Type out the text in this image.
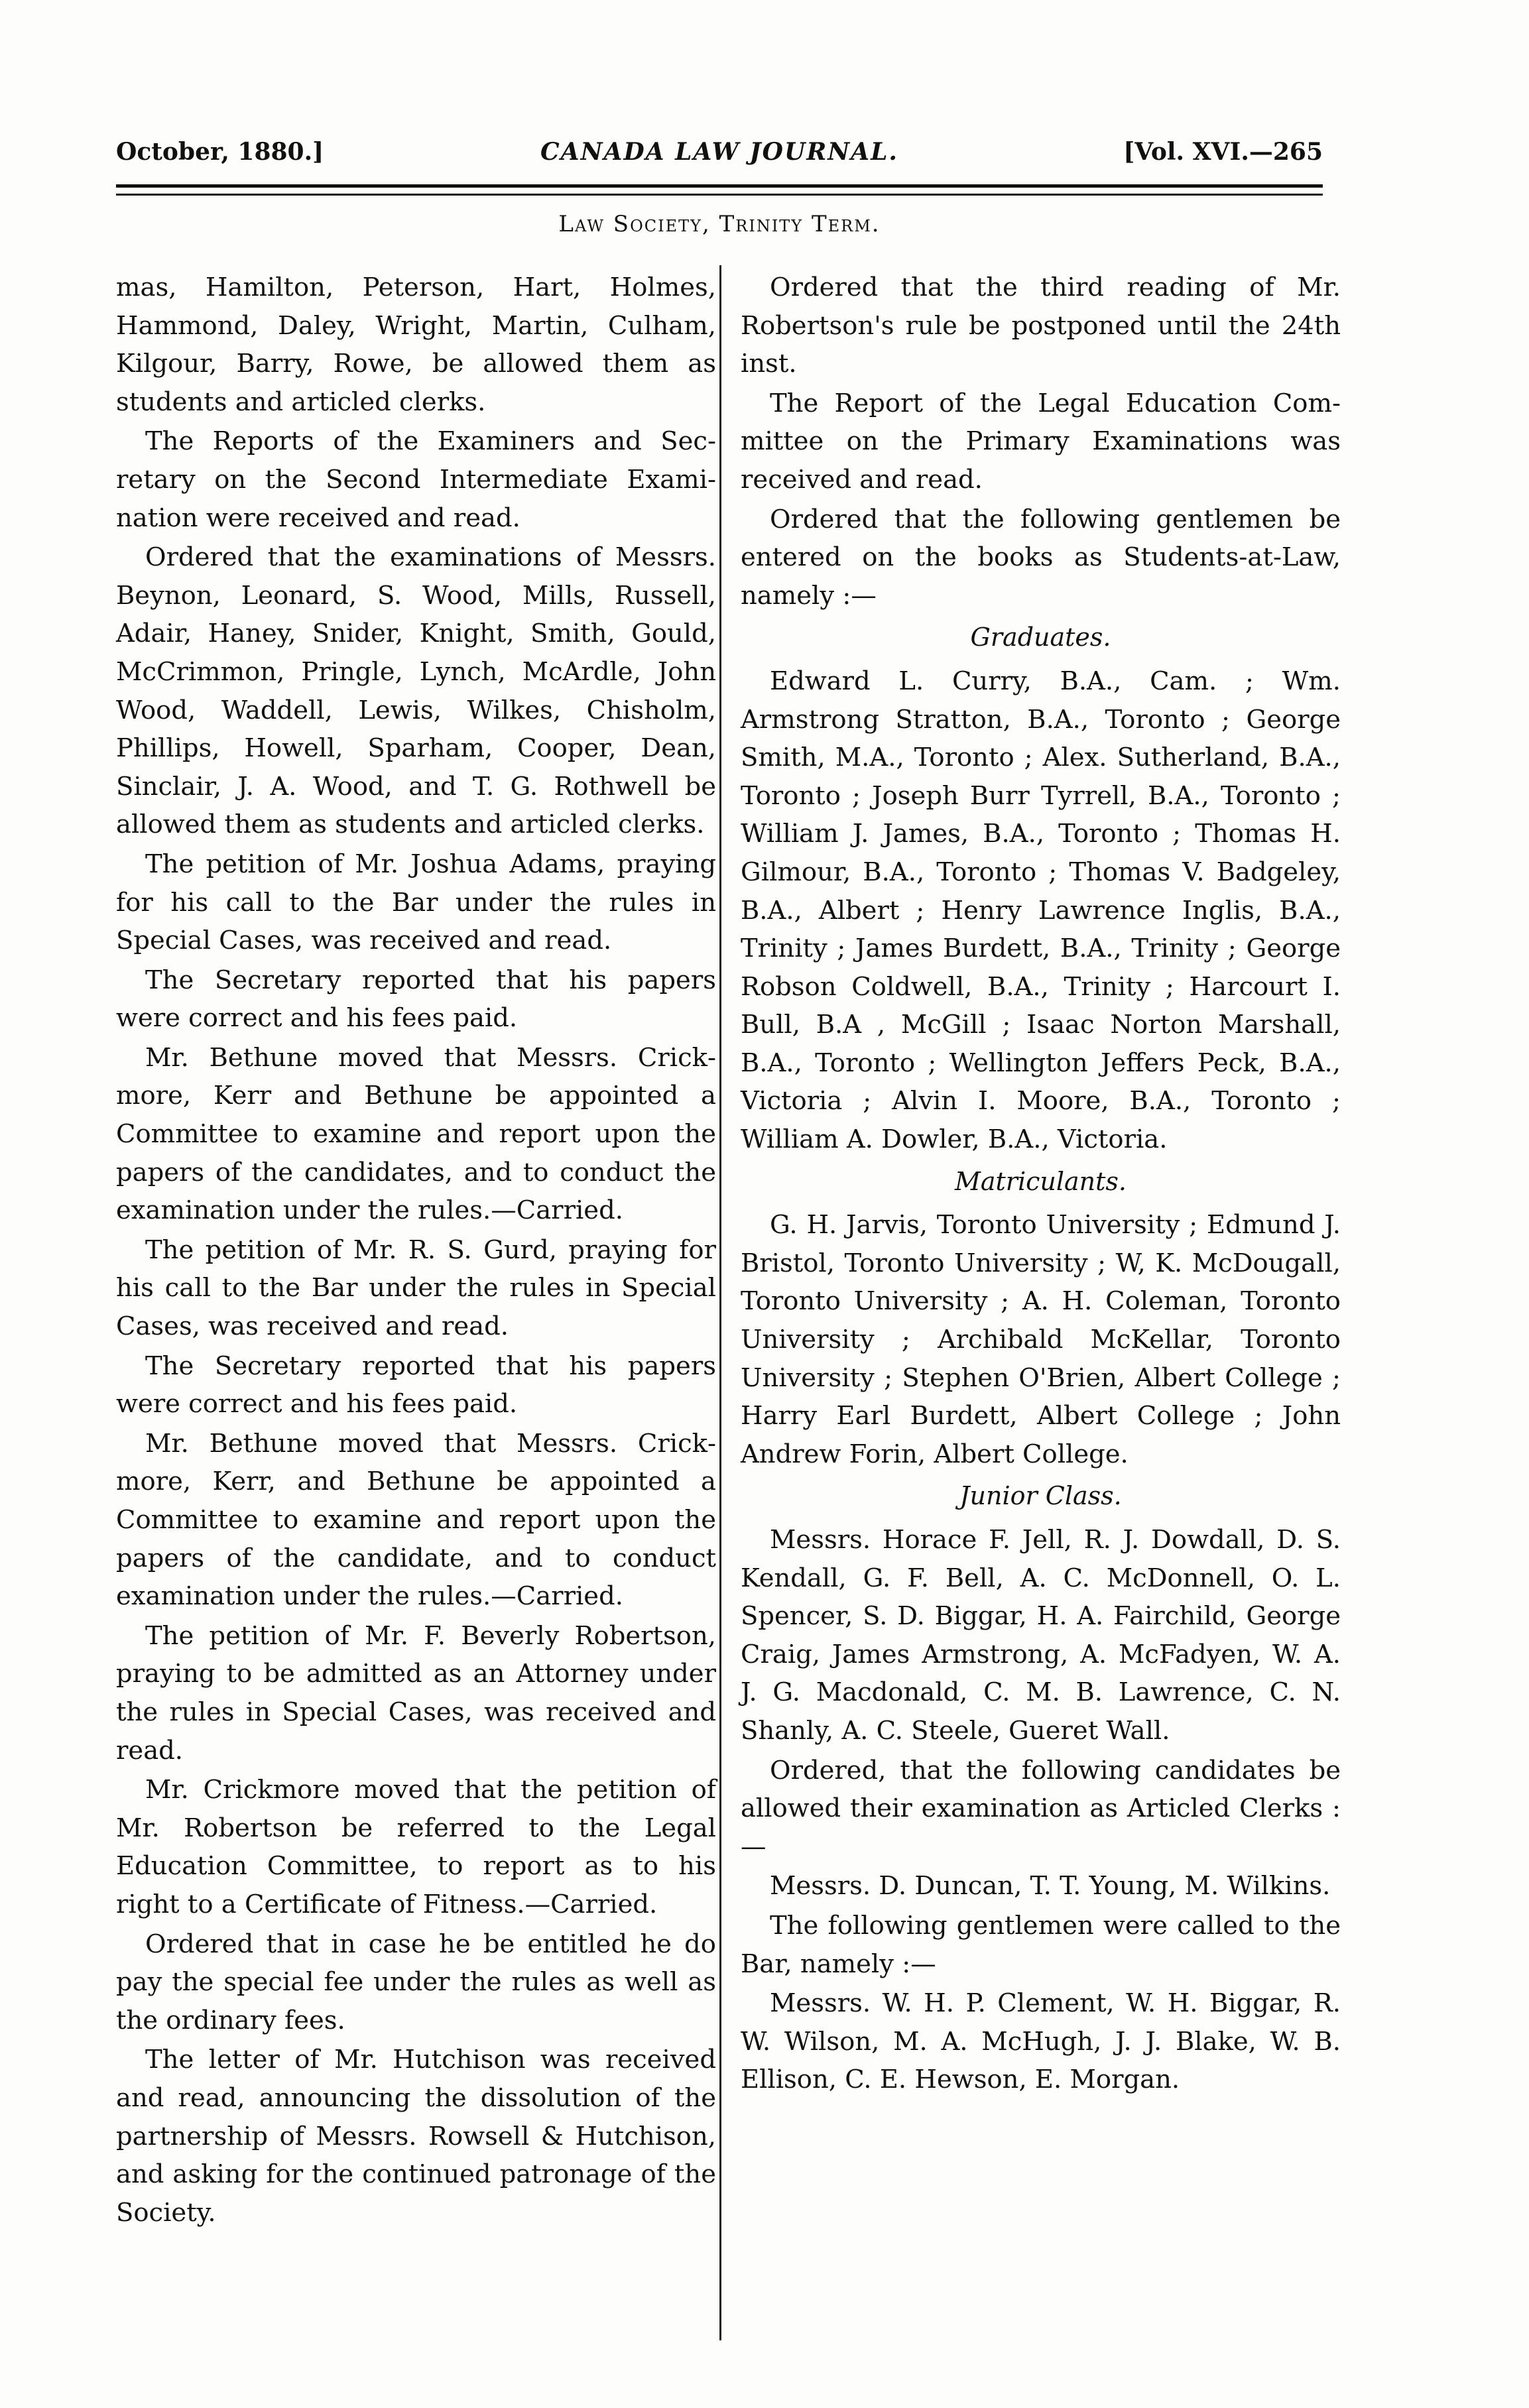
October, 1880.]	CANADA LAW JOURNAL.	[Vol. XVI.—265
Law Society, Trinity Term.

mas, Hamilton, Peterson, Hart, Holmes, Hammond, Daley, Wright, Martin, Culham, Kilgour, Barry, Rowe, be allowed them as students and articled clerks.

The Reports of the Examiners and Secretary on the Second Intermediate Examination were received and read.

Ordered that the examinations of Messrs. Beynon, Leonard, S. Wood, Mills, Russell, Adair, Haney, Snider, Knight, Smith, Gould, McCrimmon, Pringle, Lynch, McArdle, John Wood, Waddell, Lewis, Wilkes, Chisholm, Phillips, Howell, Sparham, Cooper, Dean, Sinclair, J. A. Wood, and T. G. Rothwell be allowed them as students and articled clerks.

The petition of Mr. Joshua Adams, praying for his call to the Bar under the rules in Special Cases, was received and read.

The Secretary reported that his papers were correct and his fees paid.

Mr. Bethune moved that Messrs. Crickmore, Kerr and Bethune be appointed a Committee to examine and report upon the papers of the candidates, and to conduct the examination under the rules.—Carried.

The petition of Mr. R. S. Gurd, praying for his call to the Bar under the rules in Special Cases, was received and read.

The Secretary reported that his papers were correct and his fees paid.

Mr. Bethune moved that Messrs. Crickmore, Kerr, and Bethune be appointed a Committee to examine and report upon the papers of the candidate, and to conduct examination under the rules.—Carried.

The petition of Mr. F. Beverly Robertson, praying to be admitted as an Attorney under the rules in Special Cases, was received and read.

Mr. Crickmore moved that the petition of Mr. Robertson be referred to the Legal Education Committee, to report as to his right to a Certificate of Fitness.—Carried.

Ordered that in case he be entitled he do pay the special fee under the rules as well as the ordinary fees.

The letter of Mr. Hutchison was received and read, announcing the dissolution of the partnership of Messrs. Rowsell & Hutchison, and asking for the continued patronage of the Society.

Ordered that the third reading of Mr. Robertson's rule be postponed until the 24th inst.

The Report of the Legal Education Committee on the Primary Examinations was received and read.

Ordered that the following gentlemen be entered on the books as Students-at-Law, namely :—

Graduates.

Edward L. Curry, B.A., Cam. ; Wm. Armstrong Stratton, B.A., Toronto ; George Smith, M.A., Toronto ; Alex. Sutherland, B.A., Toronto ; Joseph Burr Tyrrell, B.A., Toronto ; William J. James, B.A., Toronto ; Thomas H. Gilmour, B.A., Toronto ; Thomas V. Badgeley, B.A., Albert ; Henry Lawrence Inglis, B.A., Trinity ; James Burdett, B.A., Trinity ; George Robson Coldwell, B.A., Trinity ; Harcourt I. Bull, B.A , McGill ; Isaac Norton Marshall, B.A., Toronto ; Wellington Jeffers Peck, B.A., Victoria ; Alvin I. Moore, B.A., Toronto ; William A. Dowler, B.A., Victoria.

Matriculants.

G. H. Jarvis, Toronto University ; Edmund J. Bristol, Toronto University ; W, K. McDougall, Toronto University ; A. H. Coleman, Toronto University ; Archibald McKellar, Toronto University ; Stephen O'Brien, Albert College ; Harry Earl Burdett, Albert College ; John Andrew Forin, Albert College.

Junior Class.

Messrs. Horace F. Jell, R. J. Dowdall, D. S. Kendall, G. F. Bell, A. C. McDonnell, O. L. Spencer, S. D. Biggar, H. A. Fairchild, George Craig, James Armstrong, A. McFadyen, W. A. J. G. Macdonald, C. M. B. Lawrence, C. N. Shanly, A. C. Steele, Gueret Wall.

Ordered, that the following candidates be allowed their examination as Articled Clerks :—

Messrs. D. Duncan, T. T. Young, M. Wilkins.

The following gentlemen were called to the Bar, namely :—

Messrs. W. H. P. Clement, W. H. Biggar, R. W. Wilson, M. A. McHugh, J. J. Blake, W. B. Ellison, C. E. Hewson, E. Morgan.
